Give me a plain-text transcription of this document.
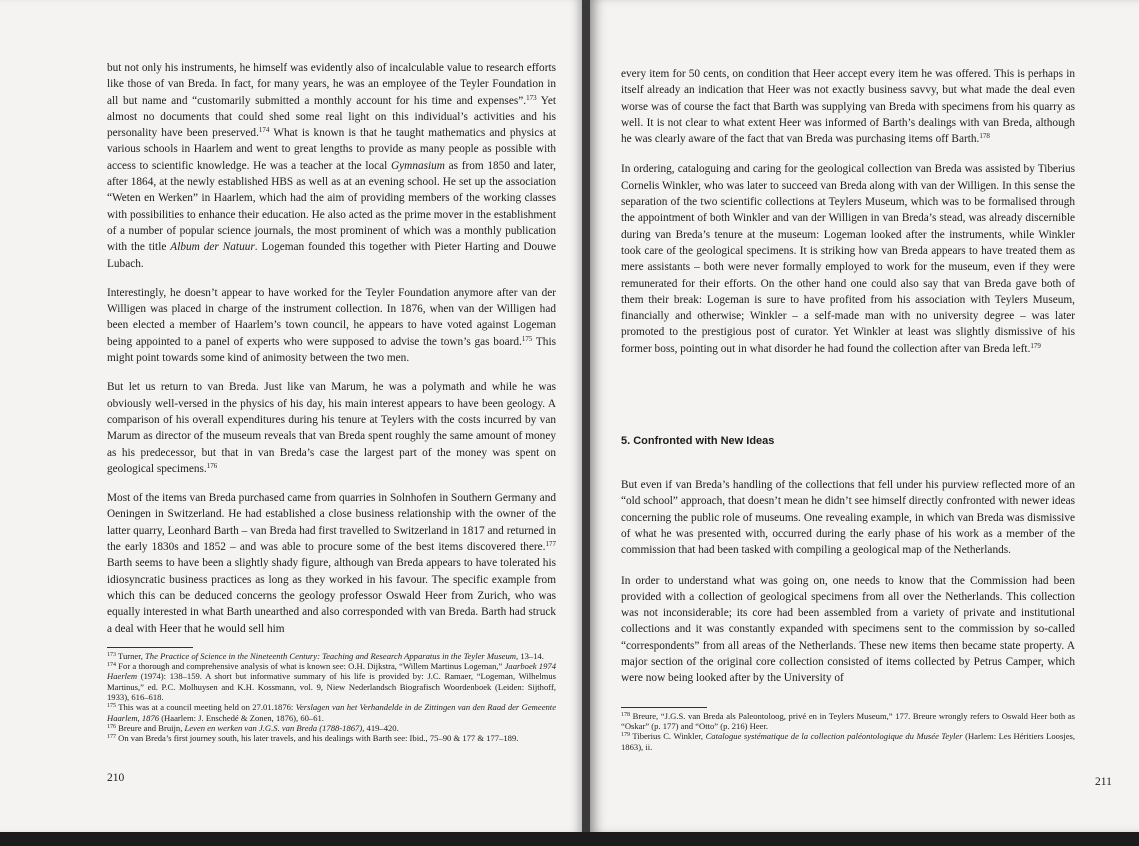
but not only his instruments, he himself was evidently also of incalculable value to research efforts like those of van Breda. In fact, for many years, he was an employee of the Teyler Foundation in all but name and “customarily submitted a monthly account for his time and expenses”.$^{173}$ Yet almost no documents that could shed some real light on this individual’s activities and his personality have been preserved.$^{174}$ What is known is that he taught mathematics and physics at various schools in Haarlem and went to great lengths to provide as many people as possible with access to scientific knowledge. He was a teacher at the local Gymnasium as from 1850 and later, after 1864, at the newly established HBS as well as at an evening school. He set up the association “Weten en Werken” in Haarlem, which had the aim of providing members of the working classes with possibilities to enhance their education. He also acted as the prime mover in the establishment of a number of popular science journals, the most prominent of which was a monthly publication with the title Album der Natuur. Logeman founded this together with Pieter Harting and Douwe Lubach.

Interestingly, he doesn’t appear to have worked for the Teyler Foundation anymore after van der Willigen was placed in charge of the instrument collection. In 1876, when van der Willigen had been elected a member of Haarlem’s town council, he appears to have voted against Logeman being appointed to a panel of experts who were supposed to advise the town’s gas board.$^{175}$ This might point towards some kind of animosity between the two men.

But let us return to van Breda. Just like van Marum, he was a polymath and while he was obviously well-versed in the physics of his day, his main interest appears to have been geology. A comparison of his overall expenditures during his tenure at Teylers with the costs incurred by van Marum as director of the museum reveals that van Breda spent roughly the same amount of money as his predecessor, but that in van Breda’s case the largest part of the money was spent on geological specimens.$^{176}$

Most of the items van Breda purchased came from quarries in Solnhofen in Southern Germany and Oeningen in Switzerland. He had established a close business relationship with the owner of the latter quarry, Leonhard Barth – van Breda had first travelled to Switzerland in 1817 and returned in the early 1830s and 1852 – and was able to procure some of the best items discovered there.$^{177}$ Barth seems to have been a slightly shady figure, although van Breda appears to have tolerated his idiosyncratic business practices as long as they worked in his favour. The specific example from which this can be deduced concerns the geology professor Oswald Heer from Zurich, who was equally interested in what Barth unearthed and also corresponded with van Breda. Barth had struck a deal with Heer that he would sell him

$^{173}$ Turner, The Practice of Science in the Nineteenth Century: Teaching and Research Apparatus in the Teyler Museum, 13–14.

$^{174}$ For a thorough and comprehensive analysis of what is known see: O.H. Dijkstra, “Willem Martinus Logeman,” Jaarboek 1974 Haerlem (1974): 138–159. A short but informative summary of his life is provided by: J.C. Ramaer, “Logeman, Wilhelmus Martinus,” ed. P.C. Molhuysen and K.H. Kossmann, vol. 9, Niew Nederlandsch Biografisch Woordenboek (Leiden: Sijthoff, 1933), 616–618.

$^{175}$ This was at a council meeting held on 27.01.1876: Verslagen van het Verhandelde in de Zittingen van den Raad der Gemeente Haarlem, 1876 (Haarlem: J. Enschedé & Zonen, 1876), 60–61.

$^{176}$ Breure and Bruijn, Leven en werken van J.G.S. van Breda (1788-1867), 419–420.

$^{177}$ On van Breda’s first journey south, his later travels, and his dealings with Barth see: Ibid., 75–90 & 177 & 177–189.

210

every item for 50 cents, on condition that Heer accept every item he was offered. This is perhaps in itself already an indication that Heer was not exactly business savvy, but what made the deal even worse was of course the fact that Barth was supplying van Breda with specimens from his quarry as well. It is not clear to what extent Heer was informed of Barth’s dealings with van Breda, although he was clearly aware of the fact that van Breda was purchasing items off Barth.$^{178}$

In ordering, cataloguing and caring for the geological collection van Breda was assisted by Tiberius Cornelis Winkler, who was later to succeed van Breda along with van der Willigen. In this sense the separation of the two scientific collections at Teylers Museum, which was to be formalised through the appointment of both Winkler and van der Willigen in van Breda’s stead, was already discernible during van Breda’s tenure at the museum: Logeman looked after the instruments, while Winkler took care of the geological specimens. It is striking how van Breda appears to have treated them as mere assistants – both were never formally employed to work for the museum, even if they were remunerated for their efforts. On the other hand one could also say that van Breda gave both of them their break: Logeman is sure to have profited from his association with Teylers Museum, financially and otherwise; Winkler – a self-made man with no university degree – was later promoted to the prestigious post of curator. Yet Winkler at least was slightly dismissive of his former boss, pointing out in what disorder he had found the collection after van Breda left.$^{179}$

5. Confronted with New Ideas

But even if van Breda’s handling of the collections that fell under his purview reflected more of an “old school” approach, that doesn’t mean he didn’t see himself directly confronted with newer ideas concerning the public role of museums. One revealing example, in which van Breda was dismissive of what he was presented with, occurred during the early phase of his work as a member of the commission that had been tasked with compiling a geological map of the Netherlands.

In order to understand what was going on, one needs to know that the Commission had been provided with a collection of geological specimens from all over the Netherlands. This collection was not inconsiderable; its core had been assembled from a variety of private and institutional collections and it was constantly expanded with specimens sent to the commission by so-called “correspondents” from all areas of the Netherlands. These new items then became state property. A major section of the original core collection consisted of items collected by Petrus Camper, which were now being looked after by the University of

$^{178}$ Breure, “J.G.S. van Breda als Paleontoloog, privé en in Teylers Museum,” 177. Breure wrongly refers to Oswald Heer both as “Oskar” (p. 177) and “Otto” (p. 216) Heer.

$^{179}$ Tiberius C. Winkler, Catalogue systématique de la collection paléontologique du Musée Teyler (Harlem: Les Héritiers Loosjes, 1863), ii.

211
